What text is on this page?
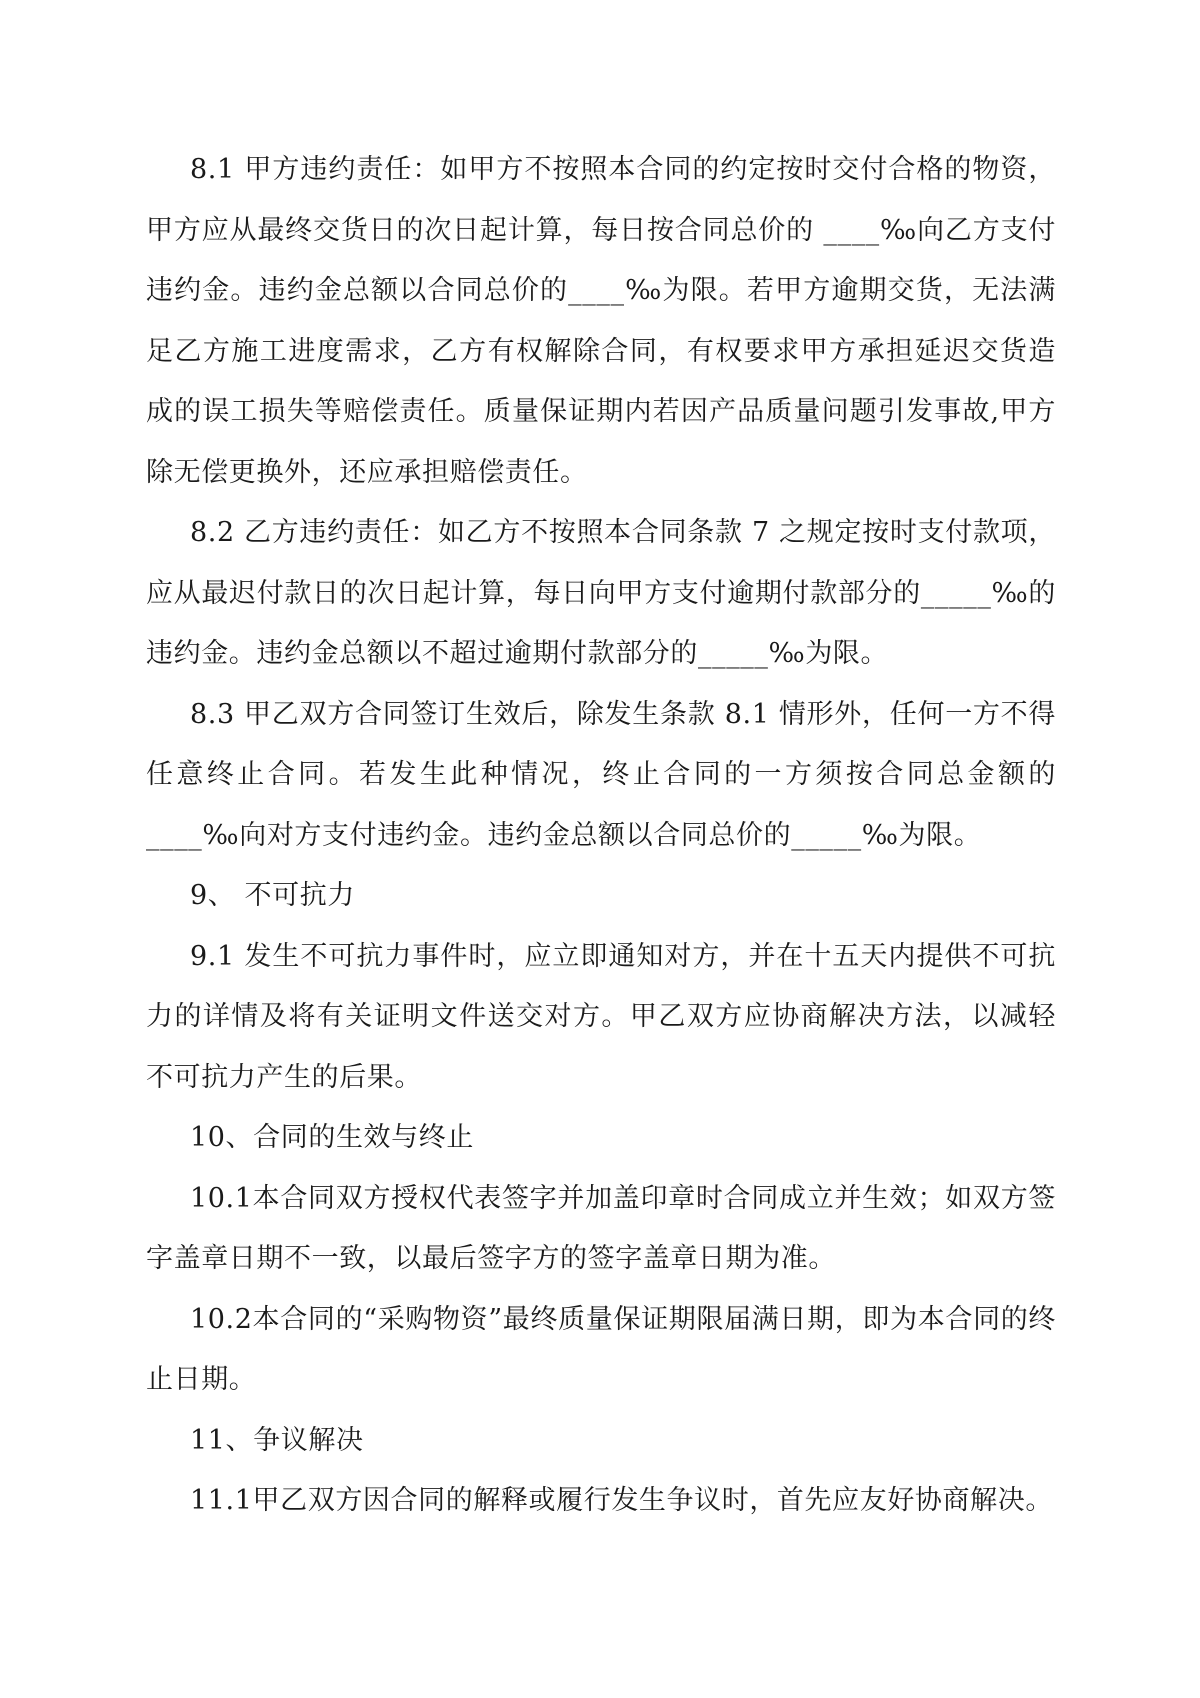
8.1 甲方违约责任：如甲方不按照本合同的约定按时交付合格的物资，甲方应从最终交货日的次日起计算，每日按合同总价的 ____‰向乙方支付违约金。违约金总额以合同总价的____‰为限。若甲方逾期交货，无法满足乙方施工进度需求，乙方有权解除合同，有权要求甲方承担延迟交货造成的误工损失等赔偿责任。质量保证期内若因产品质量问题引发事故,甲方除无偿更换外，还应承担赔偿责任。

8.2 乙方违约责任：如乙方不按照本合同条款 7 之规定按时支付款项，应从最迟付款日的次日起计算，每日向甲方支付逾期付款部分的_____‰的违约金。违约金总额以不超过逾期付款部分的_____‰为限。

8.3 甲乙双方合同签订生效后，除发生条款 8.1 情形外，任何一方不得任意终止合同。若发生此种情况，终止合同的一方须按合同总金额的____‰向对方支付违约金。违约金总额以合同总价的_____‰为限。

9、 不可抗力

9.1 发生不可抗力事件时，应立即通知对方，并在十五天内提供不可抗力的详情及将有关证明文件送交对方。甲乙双方应协商解决方法，以减轻不可抗力产生的后果。

10、合同的生效与终止

10.1本合同双方授权代表签字并加盖印章时合同成立并生效；如双方签字盖章日期不一致，以最后签字方的签字盖章日期为准。

10.2本合同的“采购物资”最终质量保证期限届满日期，即为本合同的终止日期。

11、争议解决

11.1甲乙双方因合同的解释或履行发生争议时，首先应友好协商解决。
